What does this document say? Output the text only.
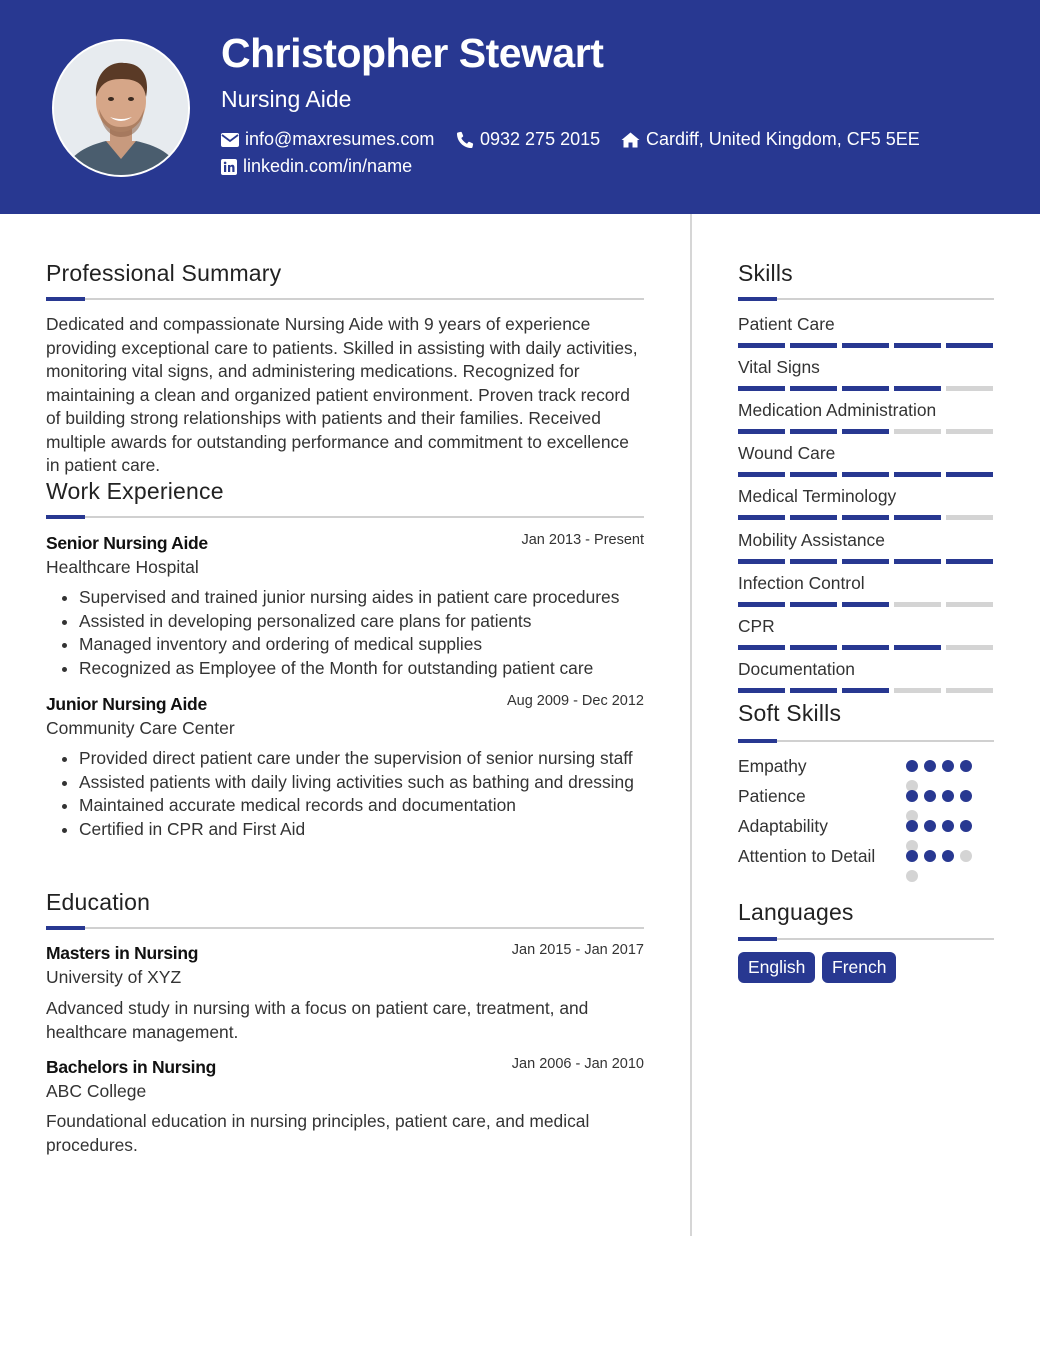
Christopher Stewart
Nursing Aide
info@maxresumes.com	0932 275 2015	Cardiff, United Kingdom, CF5 5EE
linkedin.com/in/name
Professional Summary
Dedicated and compassionate Nursing Aide with 9 years of experience providing exceptional care to patients. Skilled in assisting with daily activities, monitoring vital signs, and administering medications. Recognized for maintaining a clean and organized patient environment. Proven track record of building strong relationships with patients and their families. Received multiple awards for outstanding performance and commitment to excellence in patient care.
Work Experience
Senior Nursing Aide	Jan 2013 - Present
Healthcare Hospital
• Supervised and trained junior nursing aides in patient care procedures
• Assisted in developing personalized care plans for patients
• Managed inventory and ordering of medical supplies
• Recognized as Employee of the Month for outstanding patient care
Junior Nursing Aide	Aug 2009 - Dec 2012
Community Care Center
• Provided direct patient care under the supervision of senior nursing staff
• Assisted patients with daily living activities such as bathing and dressing
• Maintained accurate medical records and documentation
• Certified in CPR and First Aid
Education
Masters in Nursing	Jan 2015 - Jan 2017
University of XYZ
Advanced study in nursing with a focus on patient care, treatment, and healthcare management.
Bachelors in Nursing	Jan 2006 - Jan 2010
ABC College
Foundational education in nursing principles, patient care, and medical procedures.
Skills
Patient Care
Vital Signs
Medication Administration
Wound Care
Medical Terminology
Mobility Assistance
Infection Control
CPR
Documentation
Soft Skills
Empathy
Patience
Adaptability
Attention to Detail
Languages
English	French
